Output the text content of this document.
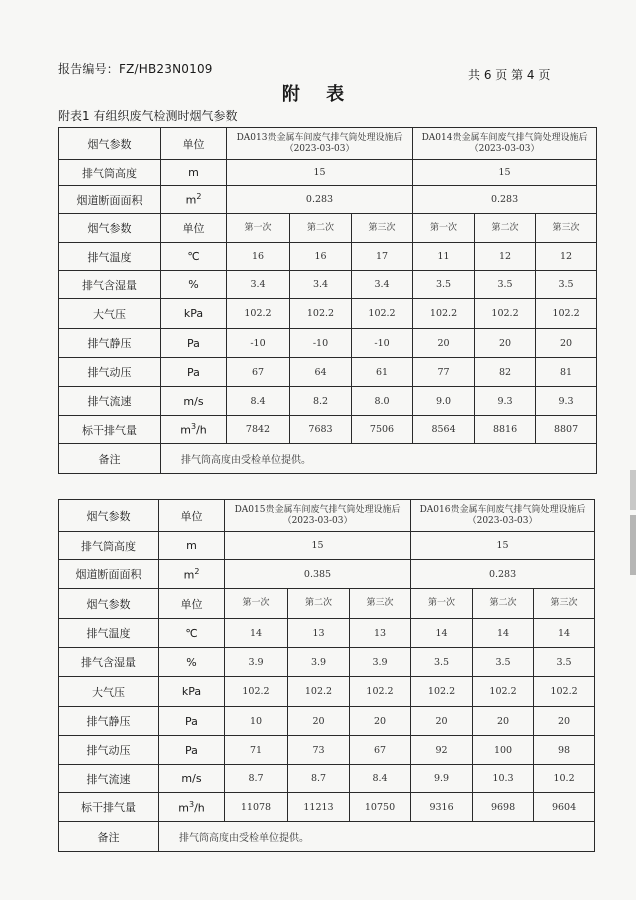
报告编号：FZ/HB23N0109	共 6 页 第 4 页
附 表
附表1 有组织废气检测时烟气参数
烟气参数	单位	DA013贵金属车间废气排气筒处理设施后（2023-03-03）			DA014贵金属车间废气排气筒处理设施后（2023-03-03）		
排气筒高度	m	15			15		
烟道断面面积	$m^2$	0.283			0.283		
烟气参数	单位	第一次	第二次	第三次	第一次	第二次	第三次
排气温度	℃	16	16	17	11	12	12
排气含湿量	%	3.4	3.4	3.4	3.5	3.5	3.5
大气压	kPa	102.2	102.2	102.2	102.2	102.2	102.2
排气静压	Pa	-10	-10	-10	20	20	20
排气动压	Pa	67	64	61	77	82	81
排气流速	m/s	8.4	8.2	8.0	9.0	9.3	9.3
标干排气量	$m^3/h$	7842	7683	7506	8564	8816	8807
备注	排气筒高度由受检单位提供。						
烟气参数	单位	DA015贵金属车间废气排气筒处理设施后（2023-03-03）			DA016贵金属车间废气排气筒处理设施后（2023-03-03）		
排气筒高度	m	15			15		
烟道断面面积	$m^2$	0.385			0.283		
烟气参数	单位	第一次	第二次	第三次	第一次	第二次	第三次
排气温度	℃	14	13	13	14	14	14
排气含湿量	%	3.9	3.9	3.9	3.5	3.5	3.5
大气压	kPa	102.2	102.2	102.2	102.2	102.2	102.2
排气静压	Pa	10	20	20	20	20	20
排气动压	Pa	71	73	67	92	100	98
排气流速	m/s	8.7	8.7	8.4	9.9	10.3	10.2
标干排气量	$m^3/h$	11078	11213	10750	9316	9698	9604
备注	排气筒高度由受检单位提供。						
